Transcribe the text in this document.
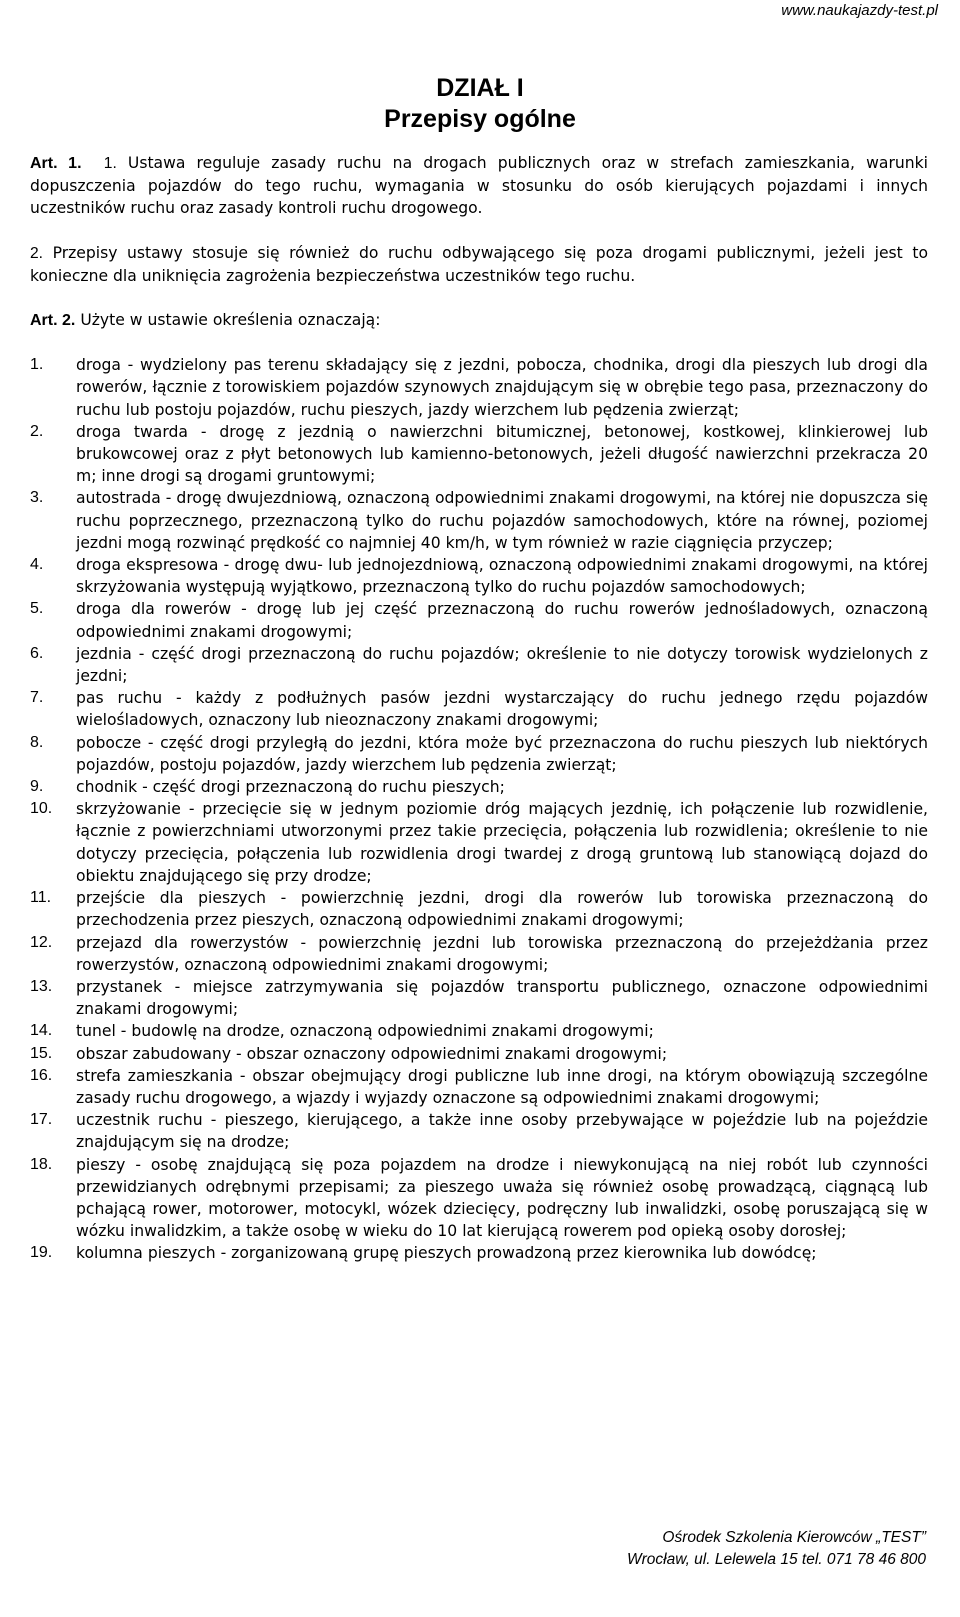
www.naukajazdy-test.pl
DZIAŁ I
Przepisy ogólne

Art. 1. 1. Ustawa reguluje zasady ruchu na drogach publicznych oraz w strefach zamieszkania, warunki dopuszczenia pojazdów do tego ruchu, wymagania w stosunku do osób kierujących pojazdami i innych uczestników ruchu oraz zasady kontroli ruchu drogowego.

2. Przepisy ustawy stosuje się również do ruchu odbywającego się poza drogami publicznymi, jeżeli jest to konieczne dla uniknięcia zagrożenia bezpieczeństwa uczestników tego ruchu.

Art. 2. Użyte w ustawie określenia oznaczają:

1.	droga - wydzielony pas terenu składający się z jezdni, pobocza, chodnika, drogi dla pieszych lub drogi dla rowerów, łącznie z torowiskiem pojazdów szynowych znajdującym się w obrębie tego pasa, przeznaczony do ruchu lub postoju pojazdów, ruchu pieszych, jazdy wierzchem lub pędzenia zwierząt;
2.	droga twarda - drogę z jezdnią o nawierzchni bitumicznej, betonowej, kostkowej, klinkierowej lub brukowcowej oraz z płyt betonowych lub kamienno-betonowych, jeżeli długość nawierzchni przekracza 20 m; inne drogi są drogami gruntowymi;
3.	autostrada - drogę dwujezdniową, oznaczoną odpowiednimi znakami drogowymi, na której nie dopuszcza się ruchu poprzecznego, przeznaczoną tylko do ruchu pojazdów samochodowych, które na równej, poziomej jezdni mogą rozwinąć prędkość co najmniej 40 km/h, w tym również w razie ciągnięcia przyczep;
4.	droga ekspresowa - drogę dwu- lub jednojezdniową, oznaczoną odpowiednimi znakami drogowymi, na której skrzyżowania występują wyjątkowo, przeznaczoną tylko do ruchu pojazdów samochodowych;
5.	droga dla rowerów - drogę lub jej część przeznaczoną do ruchu rowerów jednośladowych, oznaczoną odpowiednimi znakami drogowymi;
6.	jezdnia - część drogi przeznaczoną do ruchu pojazdów; określenie to nie dotyczy torowisk wydzielonych z jezdni;
7.	pas ruchu - każdy z podłużnych pasów jezdni wystarczający do ruchu jednego rzędu pojazdów wielośladowych, oznaczony lub nieoznaczony znakami drogowymi;
8.	pobocze - część drogi przyległą do jezdni, która może być przeznaczona do ruchu pieszych lub niektórych pojazdów, postoju pojazdów, jazdy wierzchem lub pędzenia zwierząt;
9.	chodnik - część drogi przeznaczoną do ruchu pieszych;
10.	skrzyżowanie - przecięcie się w jednym poziomie dróg mających jezdnię, ich połączenie lub rozwidlenie, łącznie z powierzchniami utworzonymi przez takie przecięcia, połączenia lub rozwidlenia; określenie to nie dotyczy przecięcia, połączenia lub rozwidlenia drogi twardej z drogą gruntową lub stanowiącą dojazd do obiektu znajdującego się przy drodze;
11.	przejście dla pieszych - powierzchnię jezdni, drogi dla rowerów lub torowiska przeznaczoną do przechodzenia przez pieszych, oznaczoną odpowiednimi znakami drogowymi;
12.	przejazd dla rowerzystów - powierzchnię jezdni lub torowiska przeznaczoną do przejeżdżania przez rowerzystów, oznaczoną odpowiednimi znakami drogowymi;
13.	przystanek - miejsce zatrzymywania się pojazdów transportu publicznego, oznaczone odpowiednimi znakami drogowymi;
14.	tunel - budowlę na drodze, oznaczoną odpowiednimi znakami drogowymi;
15.	obszar zabudowany - obszar oznaczony odpowiednimi znakami drogowymi;
16.	strefa zamieszkania - obszar obejmujący drogi publiczne lub inne drogi, na którym obowiązują szczególne zasady ruchu drogowego, a wjazdy i wyjazdy oznaczone są odpowiednimi znakami drogowymi;
17.	uczestnik ruchu - pieszego, kierującego, a także inne osoby przebywające w pojeździe lub na pojeździe znajdującym się na drodze;
18.	pieszy - osobę znajdującą się poza pojazdem na drodze i niewykonującą na niej robót lub czynności przewidzianych odrębnymi przepisami; za pieszego uważa się również osobę prowadzącą, ciągnącą lub pchającą rower, motorower, motocykl, wózek dziecięcy, podręczny lub inwalidzki, osobę poruszającą się w wózku inwalidzkim, a także osobę w wieku do 10 lat kierującą rowerem pod opieką osoby dorosłej;
19.	kolumna pieszych - zorganizowaną grupę pieszych prowadzoną przez kierownika lub dowódcę;
Ośrodek Szkolenia Kierowców „TEST”
Wrocław, ul. Lelewela 15 tel. 071 78 46 800
